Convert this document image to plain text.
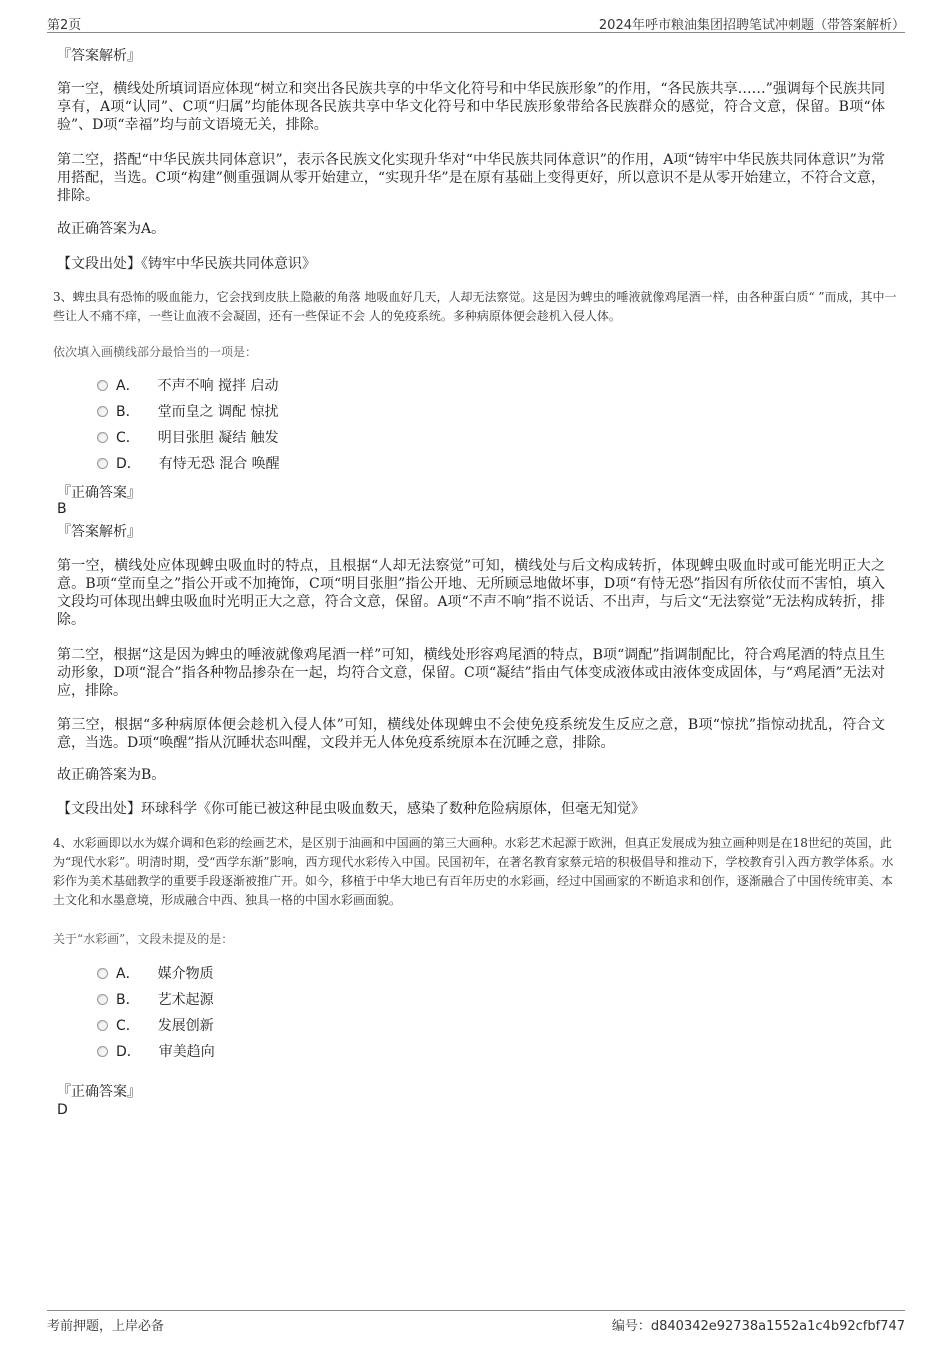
第2页	2024年呼市粮油集团招聘笔试冲刺题（带答案解析）

『答案解析』

第一空，横线处所填词语应体现“树立和突出各民族共享的中华文化符号和中华民族形象”的作用，“各民族共享……”强调每个民族共同享有，A项“认同”、C项“归属”均能体现各民族共享中华文化符号和中华民族形象带给各民族群众的感觉，符合文意，保留。B项“体验”、D项“幸福”均与前文语境无关，排除。

第二空，搭配“中华民族共同体意识”，表示各民族文化实现升华对“中华民族共同体意识”的作用，A项“铸牢中华民族共同体意识”为常用搭配，当选。C项“构建”侧重强调从零开始建立，“实现升华”是在原有基础上变得更好，所以意识不是从零开始建立，不符合文意，排除。

故正确答案为A。

【文段出处】《铸牢中华民族共同体意识》

3、蜱虫具有恐怖的吸血能力，它会找到皮肤上隐蔽的角落 地吸血好几天，人却无法察觉。这是因为蜱虫的唾液就像鸡尾酒一样，由各种蛋白质“ ”而成，其中一些让人不痛不痒，一些让血液不会凝固，还有一些保证不会 人的免疫系统。多种病原体便会趁机入侵人体。

依次填入画横线部分最恰当的一项是：

A． 不声不响 搅拌 启动
B． 堂而皇之 调配 惊扰
C． 明目张胆 凝结 触发
D． 有恃无恐 混合 唤醒

『正确答案』

B

『答案解析』

第一空，横线处应体现蜱虫吸血时的特点，且根据“人却无法察觉”可知，横线处与后文构成转折，体现蜱虫吸血时或可能光明正大之意。B项“堂而皇之”指公开或不加掩饰，C项“明目张胆”指公开地、无所顾忌地做坏事，D项“有恃无恐”指因有所依仗而不害怕，填入文段均可体现出蜱虫吸血时光明正大之意，符合文意，保留。A项“不声不响”指不说话、不出声，与后文“无法察觉”无法构成转折，排除。

第二空，根据“这是因为蜱虫的唾液就像鸡尾酒一样”可知，横线处形容鸡尾酒的特点，B项“调配”指调制配比，符合鸡尾酒的特点且生动形象，D项“混合”指各种物品掺杂在一起，均符合文意，保留。C项“凝结”指由气体变成液体或由液体变成固体，与“鸡尾酒”无法对应，排除。

第三空，根据“多种病原体便会趁机入侵人体”可知，横线处体现蜱虫不会使免疫系统发生反应之意，B项“惊扰”指惊动扰乱，符合文意，当选。D项“唤醒”指从沉睡状态叫醒，文段并无人体免疫系统原本在沉睡之意，排除。

故正确答案为B。

【文段出处】环球科学《你可能已被这种昆虫吸血数天，感染了数种危险病原体，但毫无知觉》

4、水彩画即以水为媒介调和色彩的绘画艺术，是区别于油画和中国画的第三大画种。水彩艺术起源于欧洲，但真正发展成为独立画种则是在18世纪的英国，此为“现代水彩”。明清时期，受“西学东渐”影响，西方现代水彩传入中国。民国初年，在著名教育家蔡元培的积极倡导和推动下，学校教育引入西方教学体系。水彩作为美术基础教学的重要手段逐渐被推广开。如今，移植于中华大地已有百年历史的水彩画，经过中国画家的不断追求和创作，逐渐融合了中国传统审美、本土文化和水墨意境，形成融合中西、独具一格的中国水彩画面貌。

关于“水彩画”，文段未提及的是：

A． 媒介物质
B． 艺术起源
C． 发展创新
D． 审美趋向

『正确答案』

D

考前押题，上岸必备	编号：d840342e92738a1552a1c4b92cfbf747
